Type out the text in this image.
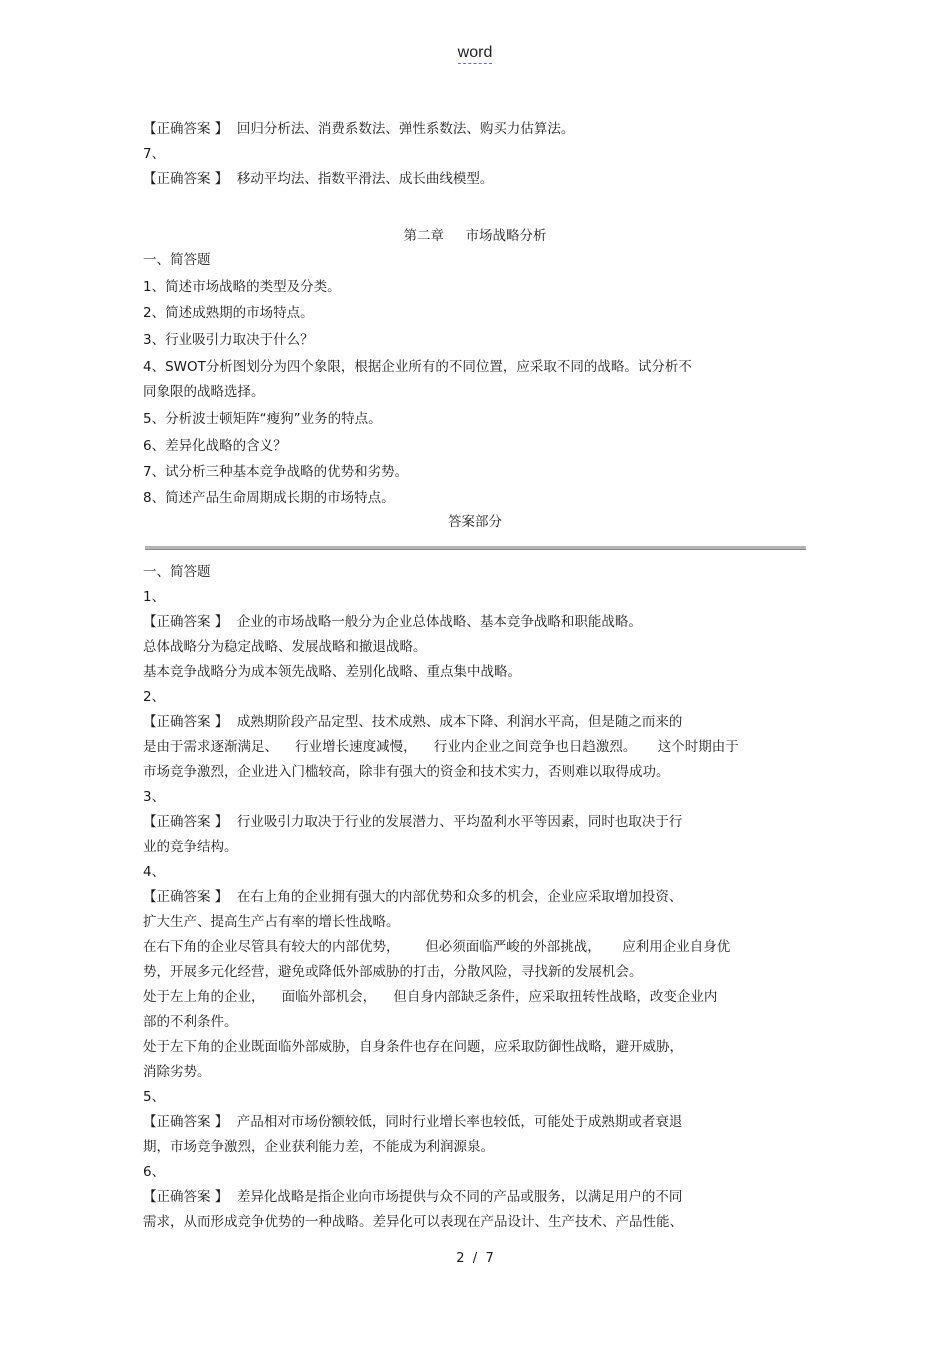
word
【正确答案 】  回归分析法、消费系数法、弹性系数法、购买力估算法。
7、
【正确答案 】  移动平均法、指数平滑法、成长曲线模型。
第二章     市场战略分析
一、简答题
1、简述市场战略的类型及分类。
2、简述成熟期的市场特点。
3、行业吸引力取决于什么？
4、SWOT分析图划分为四个象限，根据企业所有的不同位置，应采取不同的战略。试分析不
同象限的战略选择。
5、分析波士顿矩阵“瘦狗”业务的特点。
6、差异化战略的含义？
7、试分析三种基本竞争战略的优势和劣势。
8、简述产品生命周期成长期的市场特点。
答案部分
一、简答题
1、
【正确答案 】  企业的市场战略一般分为企业总体战略、基本竞争战略和职能战略。
总体战略分为稳定战略、发展战略和撤退战略。
基本竞争战略分为成本领先战略、差别化战略、重点集中战略。
2、
【正确答案 】  成熟期阶段产品定型、技术成熟、成本下降、利润水平高，但是随之而来的
是由于需求逐渐满足、    行业增长速度减慢，    行业内企业之间竞争也日趋激烈。     这个时期由于
市场竞争激烈，企业进入门槛较高，除非有强大的资金和技术实力，否则难以取得成功。
3、
【正确答案 】  行业吸引力取决于行业的发展潜力、平均盈利水平等因素，同时也取决于行
业的竞争结构。
4、
【正确答案 】  在右上角的企业拥有强大的内部优势和众多的机会，企业应采取增加投资、
扩大生产、提高生产占有率的增长性战略。
在右下角的企业尽管具有较大的内部优势，      但必须面临严峻的外部挑战，     应利用企业自身优
势，开展多元化经营，避免或降低外部威胁的打击，分散风险，寻找新的发展机会。
处于左上角的企业，    面临外部机会，    但自身内部缺乏条件，应采取扭转性战略，改变企业内
部的不利条件。
处于左下角的企业既面临外部威胁，自身条件也存在问题，应采取防御性战略，避开威胁，
消除劣势。
5、
【正确答案 】  产品相对市场份额较低，同时行业增长率也较低，可能处于成熟期或者衰退
期，市场竞争激烈，企业获利能力差，不能成为利润源泉。
6、
【正确答案 】  差异化战略是指企业向市场提供与众不同的产品或服务，以满足用户的不同
需求，从而形成竞争优势的一种战略。差异化可以表现在产品设计、生产技术、产品性能、
2  /  7
